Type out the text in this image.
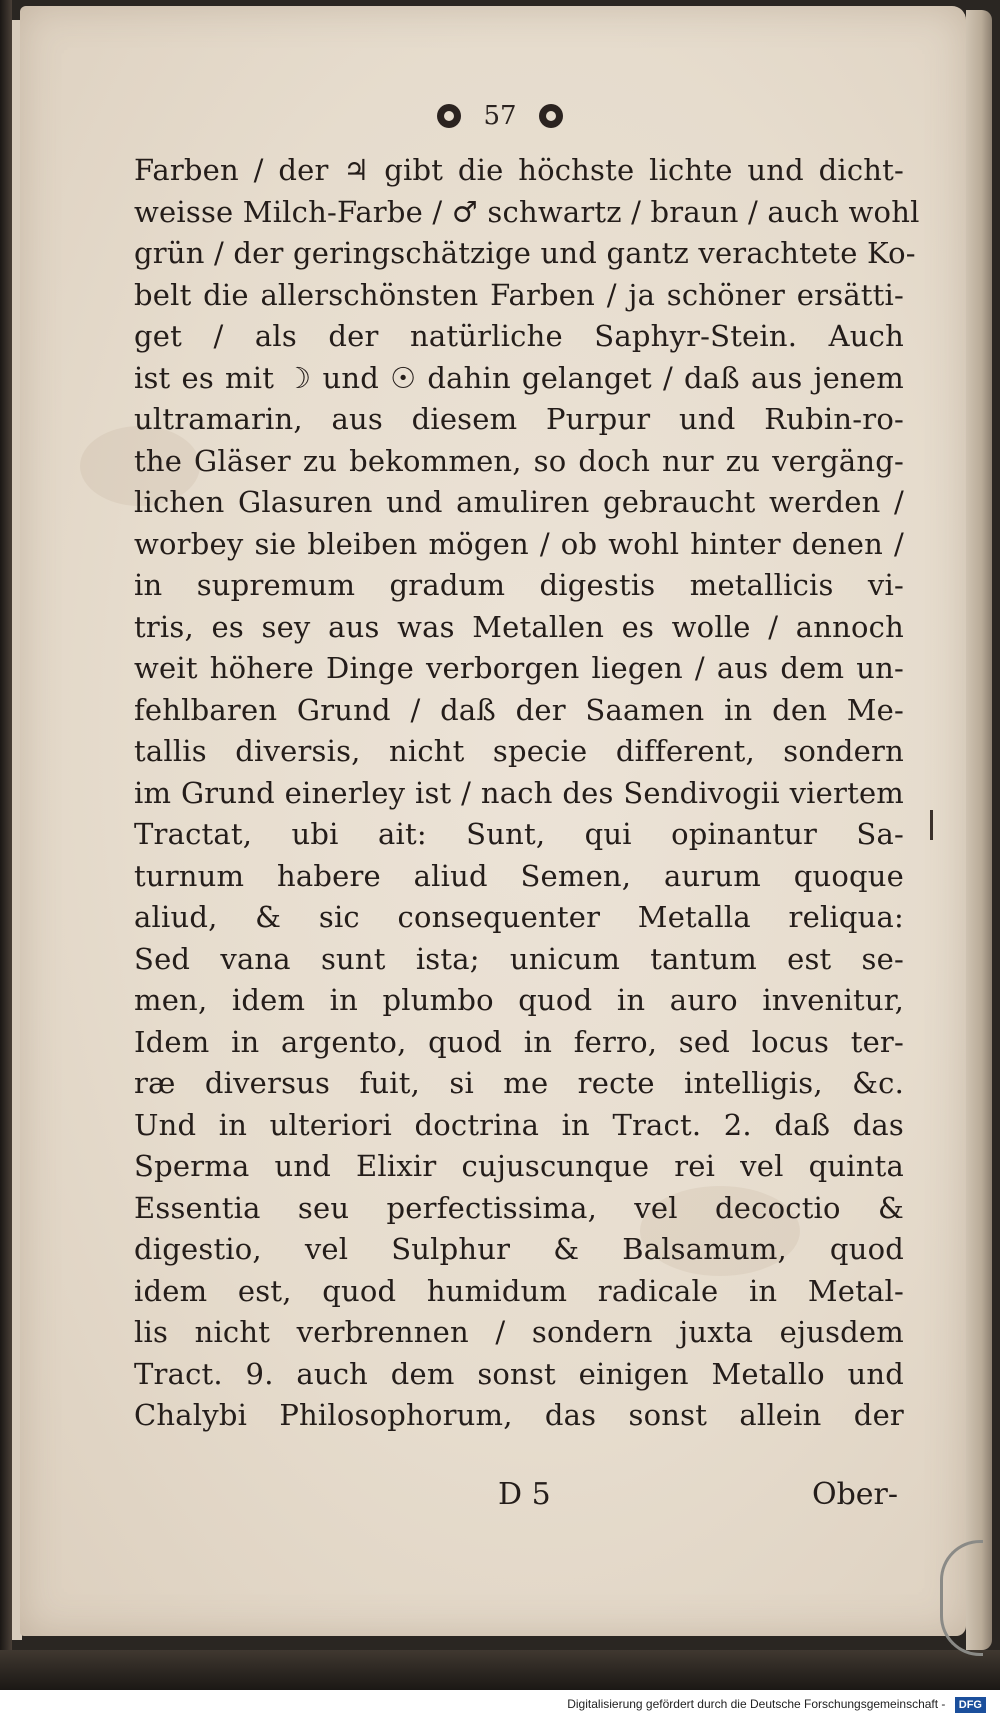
57
Farben / der ♃ gibt die höchste lichte und dicht-
weisse Milch-Farbe / ♂ schwartz / braun / auch wohl
grün / der geringschätzige und gantz verachtete Ko-
belt die allerschönsten Farben / ja schöner ersätti-
get / als der natürliche Saphyr-Stein. Auch
ist es mit ☽ und ☉ dahin gelanget / daß aus jenem
ultramarin, aus diesem Purpur und Rubin-ro-
the Gläser zu bekommen, so doch nur zu vergäng-
lichen Glasuren und amuliren gebraucht werden /
worbey sie bleiben mögen / ob wohl hinter denen /
in supremum gradum digestis metallicis vi-
tris, es sey aus was Metallen es wolle / annoch
weit höhere Dinge verborgen liegen / aus dem un-
fehlbaren Grund / daß der Saamen in den Me-
tallis diversis, nicht specie different, sondern
im Grund einerley ist / nach des Sendivogii viertem
Tractat, ubi ait: Sunt, qui opinantur Sa-
turnum habere aliud Semen, aurum quoque
aliud, & sic consequenter Metalla reliqua:
Sed vana sunt ista; unicum tantum est se-
men, idem in plumbo quod in auro invenitur,
Idem in argento, quod in ferro, sed locus ter-
ræ diversus fuit, si me recte intelligis, &c.
Und in ulteriori doctrina in Tract. 2. daß das
Sperma und Elixir cujuscunque rei vel quinta
Essentia seu perfectissima, vel decoctio &
digestio, vel Sulphur & Balsamum, quod
idem est, quod humidum radicale in Metal-
lis nicht verbrennen / sondern juxta ejusdem
Tract. 9. auch dem sonst einigen Metallo und
Chalybi Philosophorum, das sonst allein der
D 5	Ober-
Digitalisierung gefördert durch die Deutsche Forschungsgemeinschaft - DFG
